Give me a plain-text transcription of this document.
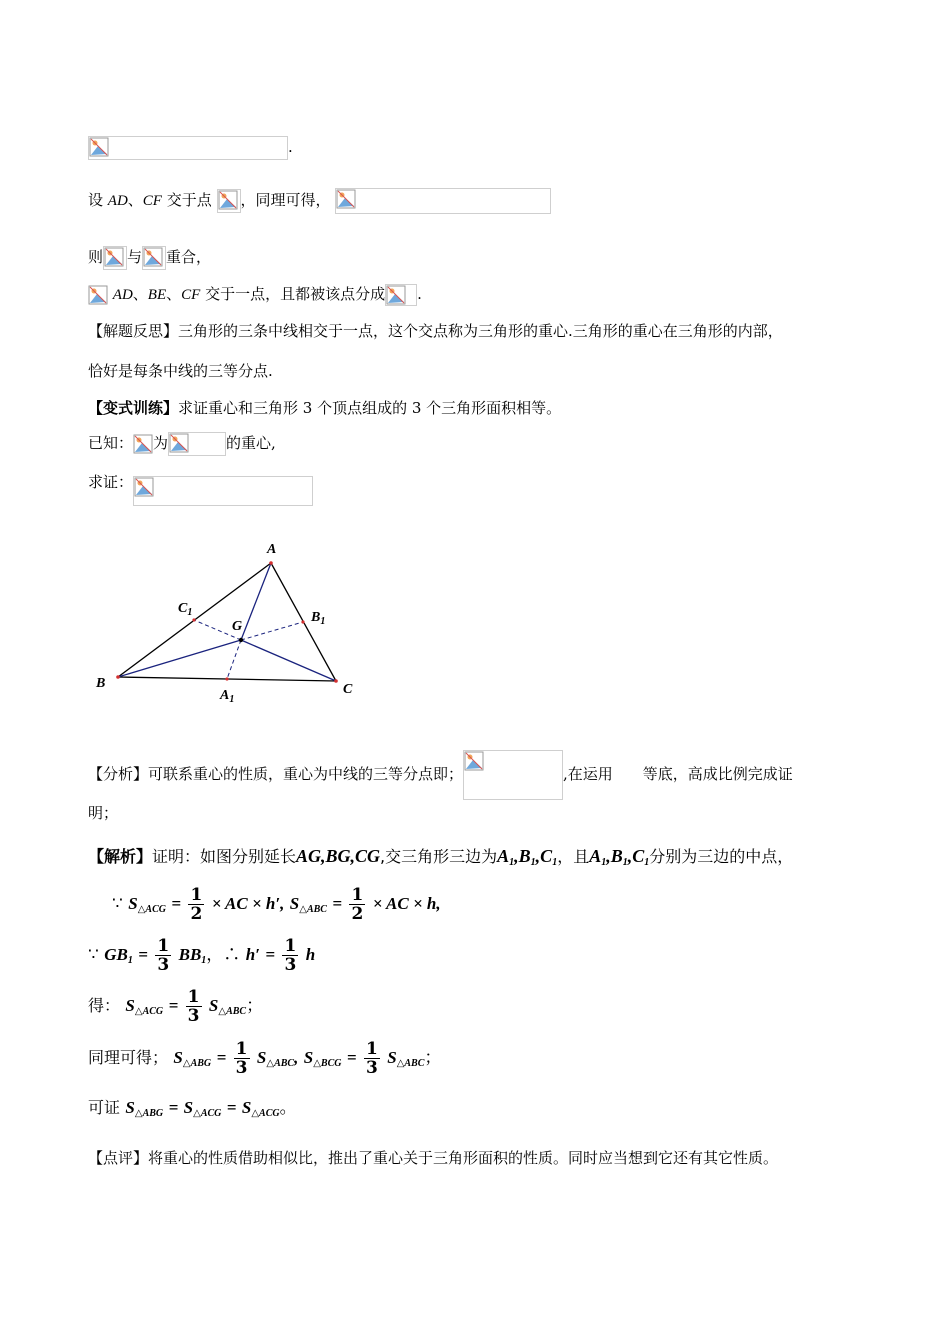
.
设 AD、CF 交于点 ，同理可得，
则 与 重合，
AD、BE、CF 交于一点，且都被该点分成 .
【解题反思】三角形的三条中线相交于一点，这个交点称为三角形的重心.三角形的重心在三角形的内部，
恰好是每条中线的三等分点.
【变式训练】求证重心和三角形 3 个顶点组成的 3 个三角形面积相等。
已知： 为	的重心,
求证：
A
B	C
G
$A_1$
$B_1$
$C_1$
【分析】可联系重心的性质，重心为中线的三等分点即；	,在运用 等底，高成比例完成证
明；
【解析】证明：如图分别延长AG,BG,CG,交三角形三边为$A_1,B_1,C_1$，且$A_1,B_1,C_1$分别为三边的中点，
∵ $S_{\triangle ACG} = \frac{1}{2}$ × AC × h′, $S_{\triangle ABC} = \frac{1}{2}$ × AC × h,
∵ $GB_1 = \frac{1}{3} BB_1$，∴ $h' = \frac{1}{3}$ h
得： $S_{\triangle ACG} = \frac{1}{3} S_{\triangle ABC}$；
同理可得； $S_{\triangle ABG} = \frac{1}{3} S_{\triangle ABC}$, $S_{\triangle BCG} = \frac{1}{3} S_{\triangle ABC}$；
可证 $S_{\triangle ABG} = S_{\triangle ACG} = S_{\triangle ACG}$。
【点评】将重心的性质借助相似比，推出了重心关于三角形面积的性质。同时应当想到它还有其它性质。
